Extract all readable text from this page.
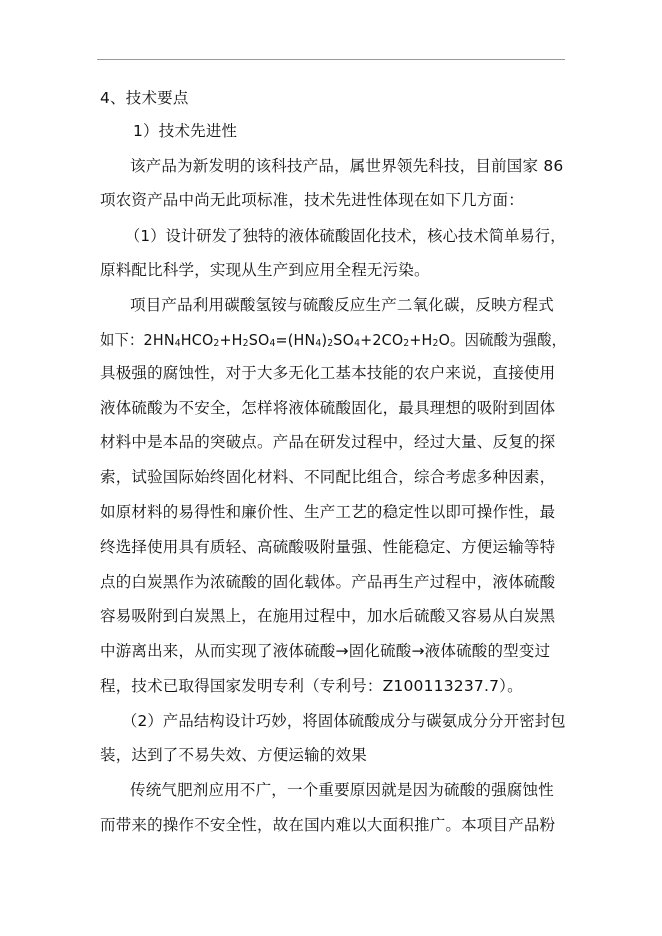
4、技术要点
1）技术先进性
该产品为新发明的该科技产品，属世界领先科技，目前国家 86
项农资产品中尚无此项标准，技术先进性体现在如下几方面：
（1）设计研发了独特的液体硫酸固化技术，核心技术简单易行，
原料配比科学，实现从生产到应用全程无污染。
项目产品利用碳酸氢铵与硫酸反应生产二氧化碳，反映方程式
如下：$2HN_4HCO_2+H_2SO_4=(HN_4)_2SO_4+2CO_2+H_2O$。因硫酸为强酸，
具极强的腐蚀性，对于大多无化工基本技能的农户来说，直接使用
液体硫酸为不安全，怎样将液体硫酸固化，最具理想的吸附到固体
材料中是本品的突破点。产品在研发过程中，经过大量、反复的探
索，试验国际始终固化材料、不同配比组合，综合考虑多种因素，
如原材料的易得性和廉价性、生产工艺的稳定性以即可操作性，最
终选择使用具有质轻、高硫酸吸附量强、性能稳定、方便运输等特
点的白炭黑作为浓硫酸的固化载体。产品再生产过程中，液体硫酸
容易吸附到白炭黑上，在施用过程中，加水后硫酸又容易从白炭黑
中游离出来，从而实现了液体硫酸→固化硫酸→液体硫酸的型变过
程，技术已取得国家发明专利（专利号：Z100113237.7）。
（2）产品结构设计巧妙，将固体硫酸成分与碳氨成分分开密封包
装，达到了不易失效、方便运输的效果
传统气肥剂应用不广，一个重要原因就是因为硫酸的强腐蚀性
而带来的操作不安全性，故在国内难以大面积推广。本项目产品粉
